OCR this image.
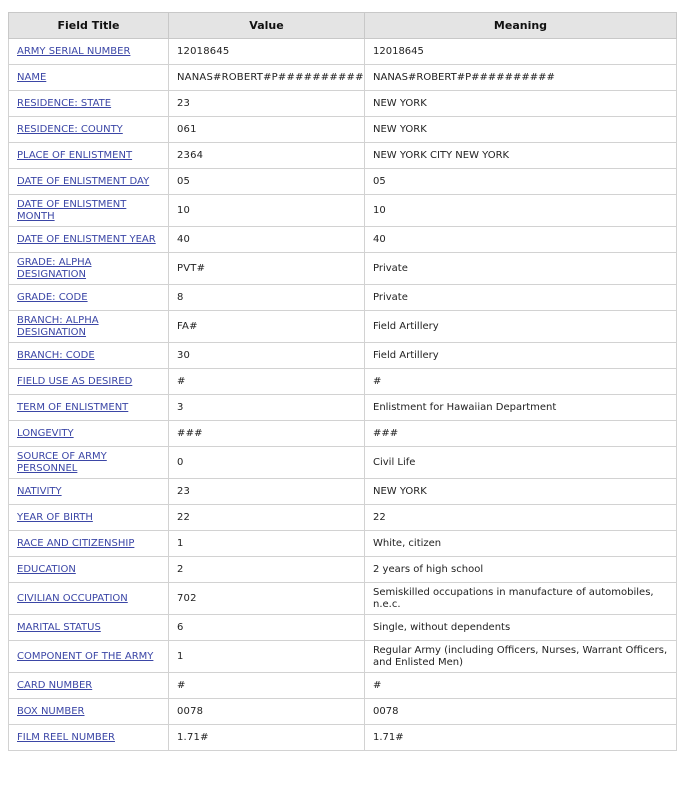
Field Title	Value	Meaning
ARMY SERIAL NUMBER	12018645	12018645
NAME	NANAS#ROBERT#P##########	NANAS#ROBERT#P##########
RESIDENCE: STATE	23	NEW YORK
RESIDENCE: COUNTY	061	NEW YORK
PLACE OF ENLISTMENT	2364	NEW YORK CITY NEW YORK
DATE OF ENLISTMENT DAY	05	05
DATE OF ENLISTMENT MONTH	10	10
DATE OF ENLISTMENT YEAR	40	40
GRADE: ALPHA DESIGNATION	PVT#	Private
GRADE: CODE	8	Private
BRANCH: ALPHA DESIGNATION	FA#	Field Artillery
BRANCH: CODE	30	Field Artillery
FIELD USE AS DESIRED	#	#
TERM OF ENLISTMENT	3	Enlistment for Hawaiian Department
LONGEVITY	###	###
SOURCE OF ARMY PERSONNEL	0	Civil Life
NATIVITY	23	NEW YORK
YEAR OF BIRTH	22	22
RACE AND CITIZENSHIP	1	White, citizen
EDUCATION	2	2 years of high school
CIVILIAN OCCUPATION	702	Semiskilled occupations in manufacture of automobiles, n.e.c.
MARITAL STATUS	6	Single, without dependents
COMPONENT OF THE ARMY	1	Regular Army (including Officers, Nurses, Warrant Officers, and Enlisted Men)
CARD NUMBER	#	#
BOX NUMBER	0078	0078
FILM REEL NUMBER	1.71#	1.71#
